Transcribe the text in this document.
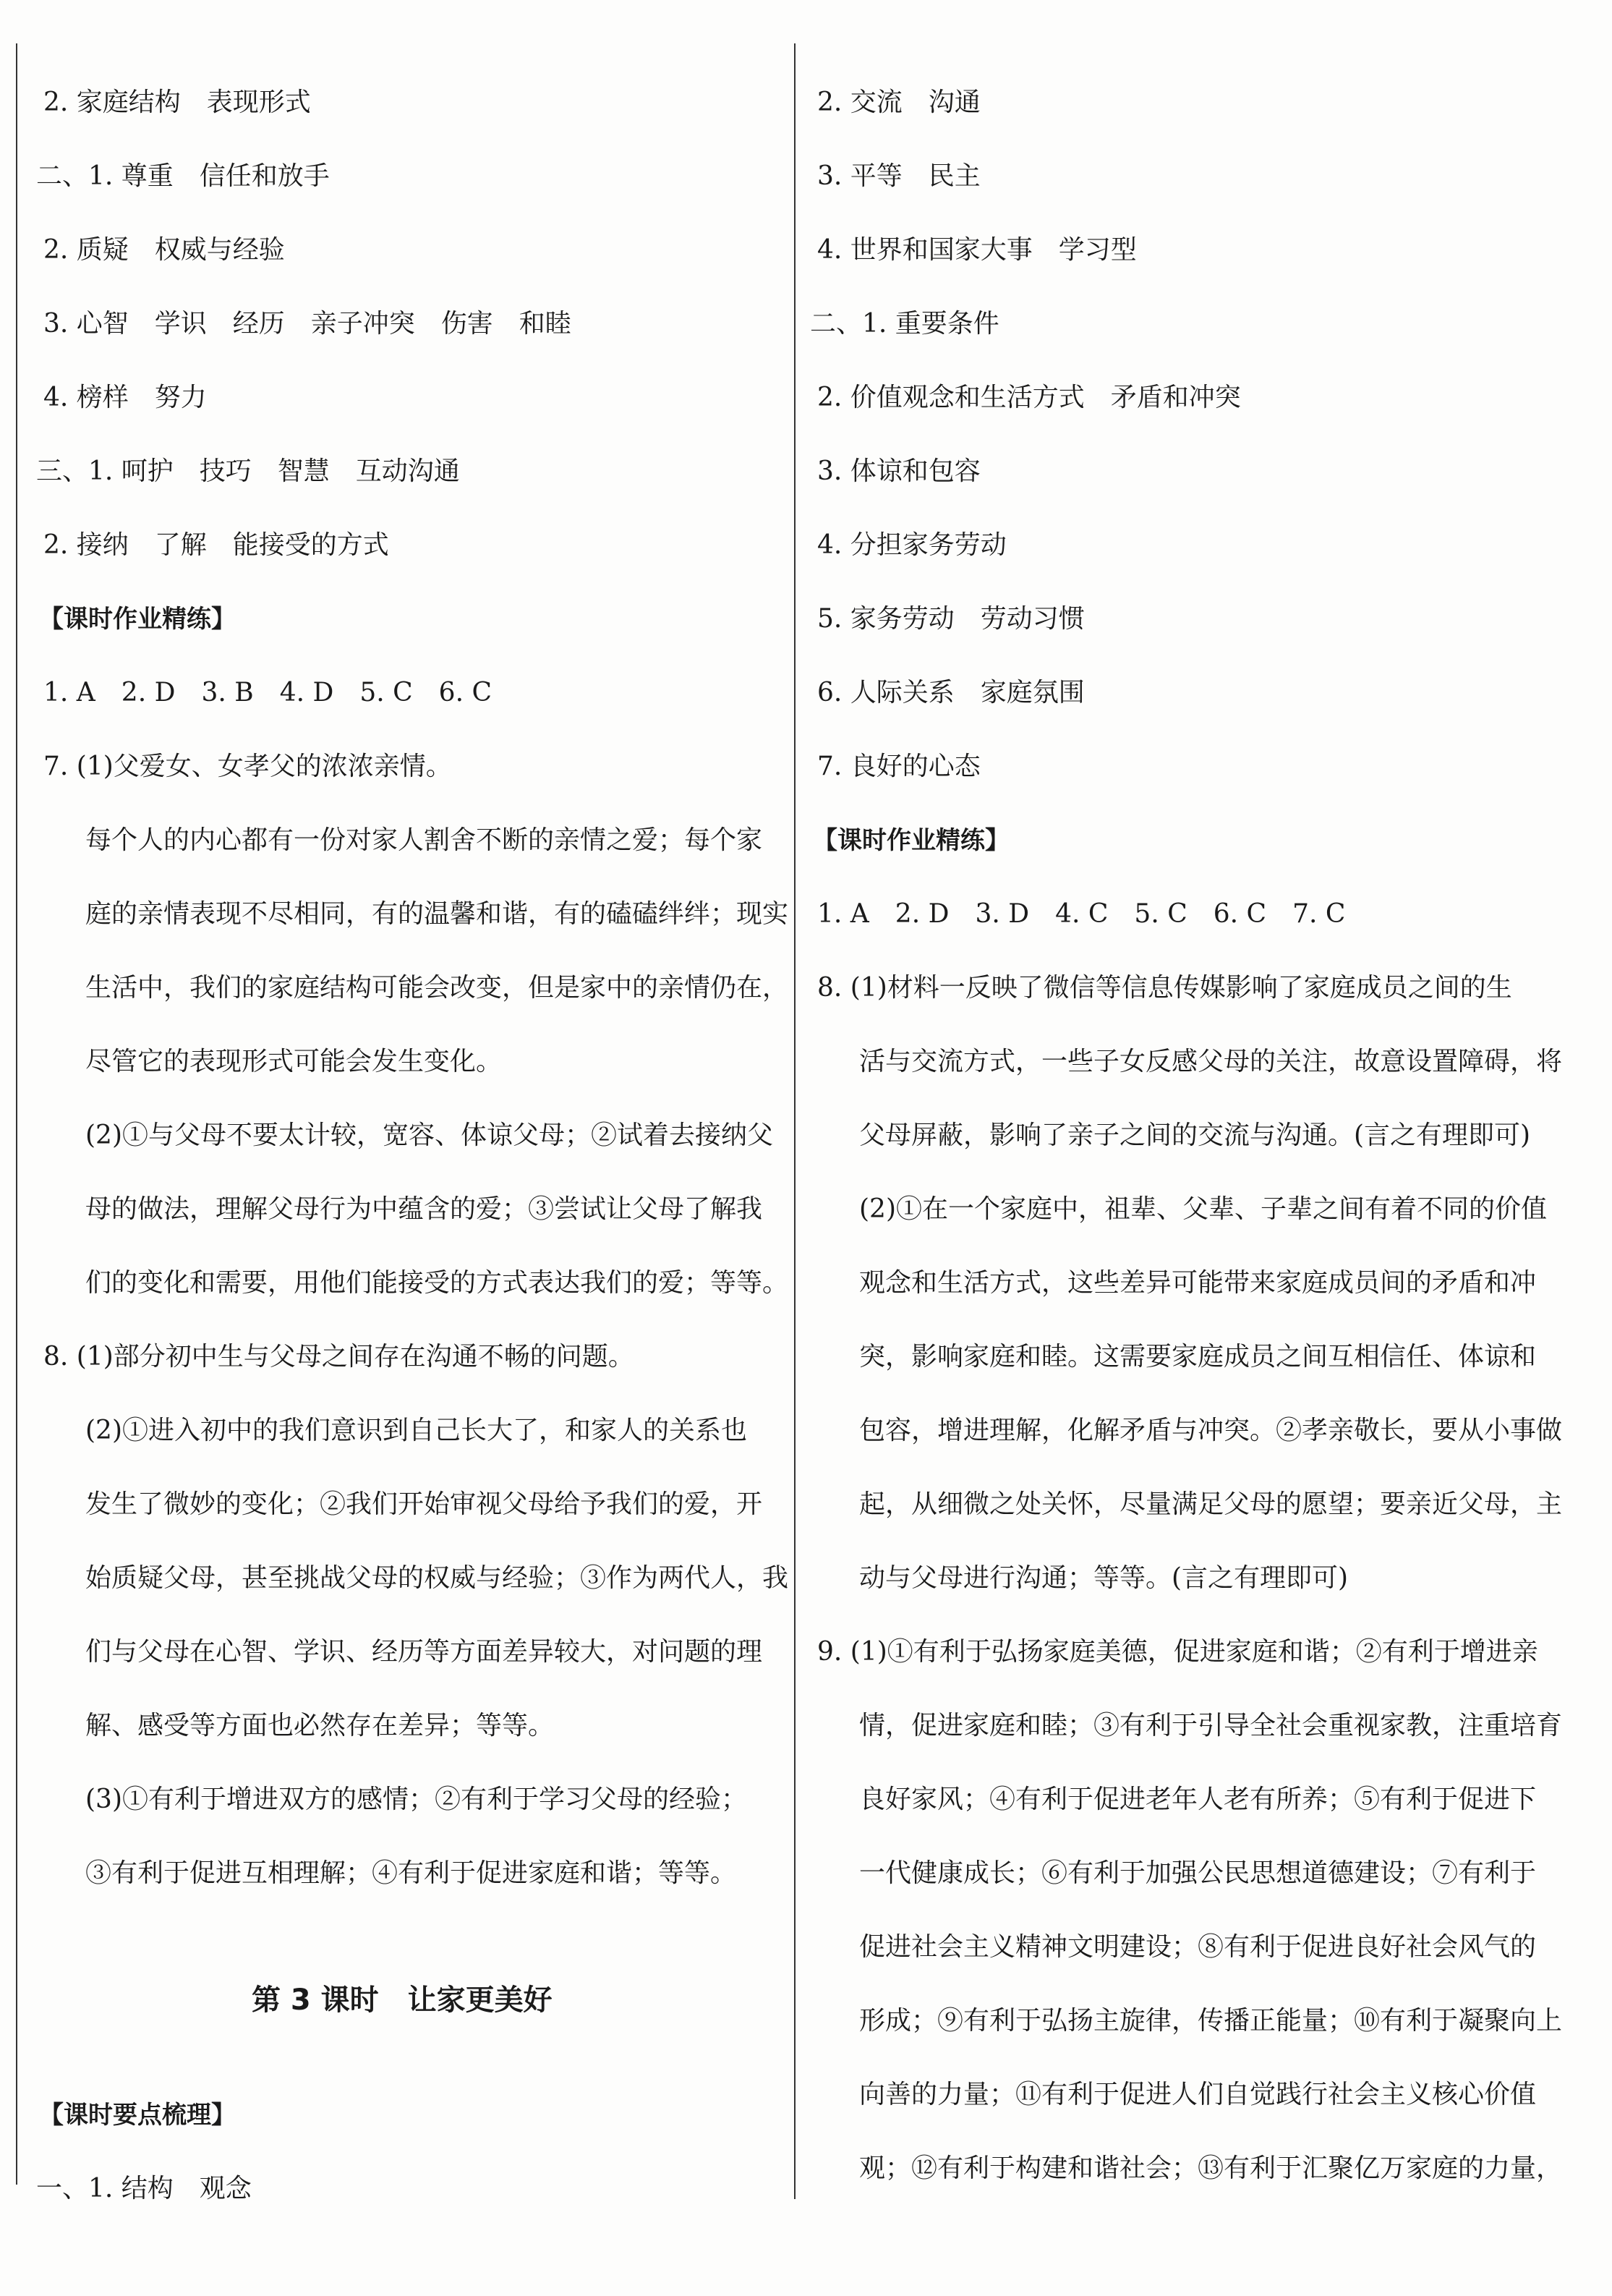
2. 家庭结构　表现形式
二、1. 尊重　信任和放手
2. 质疑　权威与经验
3. 心智　学识　经历　亲子冲突　伤害　和睦
4. 榜样　努力
三、1. 呵护　技巧　智慧　互动沟通
2. 接纳　了解　能接受的方式
【课时作业精练】
1. A　2. D　3. B　4. D　5. C　6. C
7. (1)父爱女、女孝父的浓浓亲情。
每个人的内心都有一份对家人割舍不断的亲情之爱；每个家
庭的亲情表现不尽相同，有的温馨和谐，有的磕磕绊绊；现实
生活中，我们的家庭结构可能会改变，但是家中的亲情仍在，
尽管它的表现形式可能会发生变化。
(2)①与父母不要太计较，宽容、体谅父母；②试着去接纳父
母的做法，理解父母行为中蕴含的爱；③尝试让父母了解我
们的变化和需要，用他们能接受的方式表达我们的爱；等等。
8. (1)部分初中生与父母之间存在沟通不畅的问题。
(2)①进入初中的我们意识到自己长大了，和家人的关系也
发生了微妙的变化；②我们开始审视父母给予我们的爱，开
始质疑父母，甚至挑战父母的权威与经验；③作为两代人，我
们与父母在心智、学识、经历等方面差异较大，对问题的理
解、感受等方面也必然存在差异；等等。
(3)①有利于增进双方的感情；②有利于学习父母的经验；
③有利于促进互相理解；④有利于促进家庭和谐；等等。
第 3 课时　让家更美好
【课时要点梳理】
一、1. 结构　观念
2. 交流　沟通
3. 平等　民主
4. 世界和国家大事　学习型
二、1. 重要条件
2. 价值观念和生活方式　矛盾和冲突
3. 体谅和包容
4. 分担家务劳动
5. 家务劳动　劳动习惯
6. 人际关系　家庭氛围
7. 良好的心态
【课时作业精练】
1. A　2. D　3. D　4. C　5. C　6. C　7. C
8. (1)材料一反映了微信等信息传媒影响了家庭成员之间的生
活与交流方式，一些子女反感父母的关注，故意设置障碍，将
父母屏蔽，影响了亲子之间的交流与沟通。(言之有理即可)
(2)①在一个家庭中，祖辈、父辈、子辈之间有着不同的价值
观念和生活方式，这些差异可能带来家庭成员间的矛盾和冲
突，影响家庭和睦。这需要家庭成员之间互相信任、体谅和
包容，增进理解，化解矛盾与冲突。②孝亲敬长，要从小事做
起，从细微之处关怀，尽量满足父母的愿望；要亲近父母，主
动与父母进行沟通；等等。(言之有理即可)
9. (1)①有利于弘扬家庭美德，促进家庭和谐；②有利于增进亲
情，促进家庭和睦；③有利于引导全社会重视家教，注重培育
良好家风；④有利于促进老年人老有所养；⑤有利于促进下
一代健康成长；⑥有利于加强公民思想道德建设；⑦有利于
促进社会主义精神文明建设；⑧有利于促进良好社会风气的
形成；⑨有利于弘扬主旋律，传播正能量；⑩有利于凝聚向上
向善的力量；⑪有利于促进人们自觉践行社会主义核心价值
观；⑫有利于构建和谐社会；⑬有利于汇聚亿万家庭的力量，
